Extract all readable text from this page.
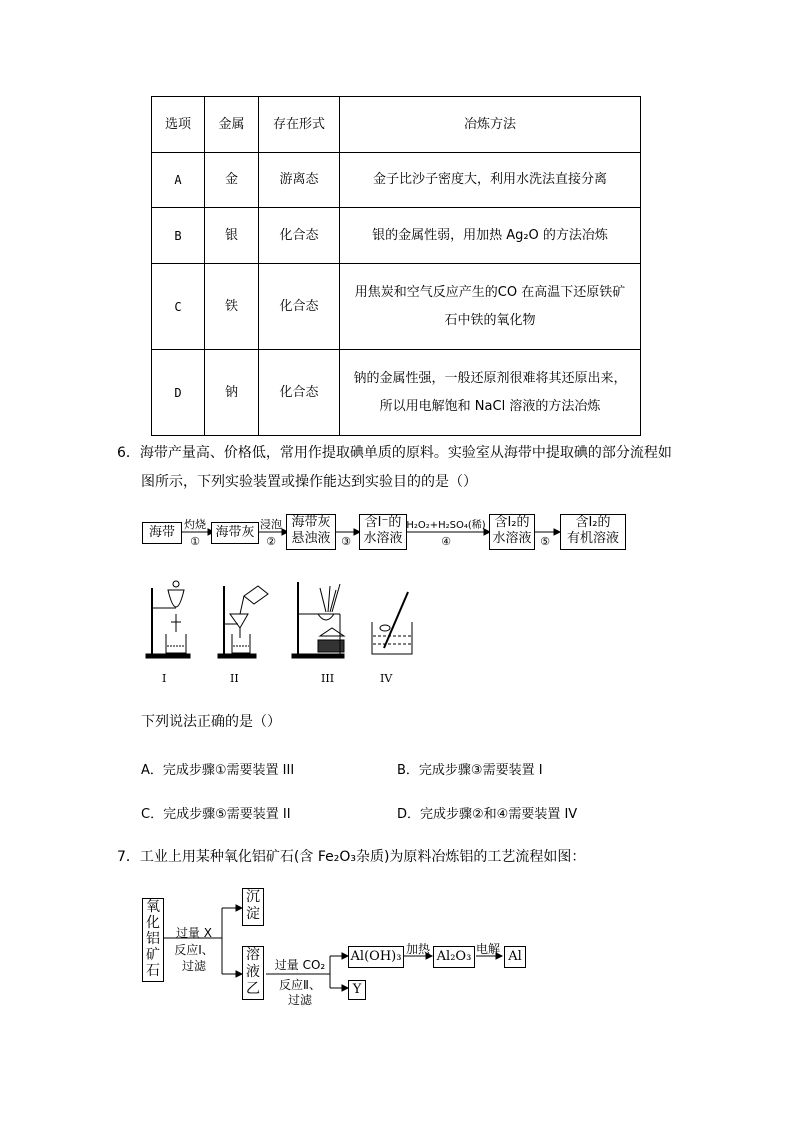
选项	金属	存在形式	冶炼方法
A	金	游离态	金子比沙子密度大，利用水洗法直接分离

B	银	化合态	银的金属性弱，用加热 Ag₂O 的方法冶炼

C	铁	化合态	用焦炭和空气反应产生的CO 在高温下还原铁矿
石中铁的氧化物

D	钠	化合态	钠的金属性强，一般还原剂很难将其还原出来，
所以用电解饱和 NaCl 溶液的方法冶炼
6．海带产量高、价格低，常用作提取碘单质的原料。实验室从海带中提取碘的部分流程如
图所示，下列实验装置或操作能达到实验目的的是（）
海带	海带灰
海带灰
悬浊液
含I⁻的
水溶液
含I₂的
水溶液
含I₂的
有机溶液
灼烧
①
浸泡
②	③
H₂O₂+H₂SO₄(稀)
④	⑤
I	II	III	IV
下列说法正确的是（）
A．完成步骤①需要装置 III	B．完成步骤③需要装置 I
C．完成步骤⑤需要装置 II	D．完成步骤②和④需要装置 IV
7．工业上用某种氧化铝矿石(含 Fe₂O₃杂质)为原料冶炼铝的工艺流程如图：
氧
化
铝
矿
石
沉
淀
溶
液
乙
过量 X
反应Ⅰ、
过滤	过量 CO₂
反应Ⅱ、
过滤
Al(OH)₃ 加热 Al₂O₃ 电解 Al
Y
